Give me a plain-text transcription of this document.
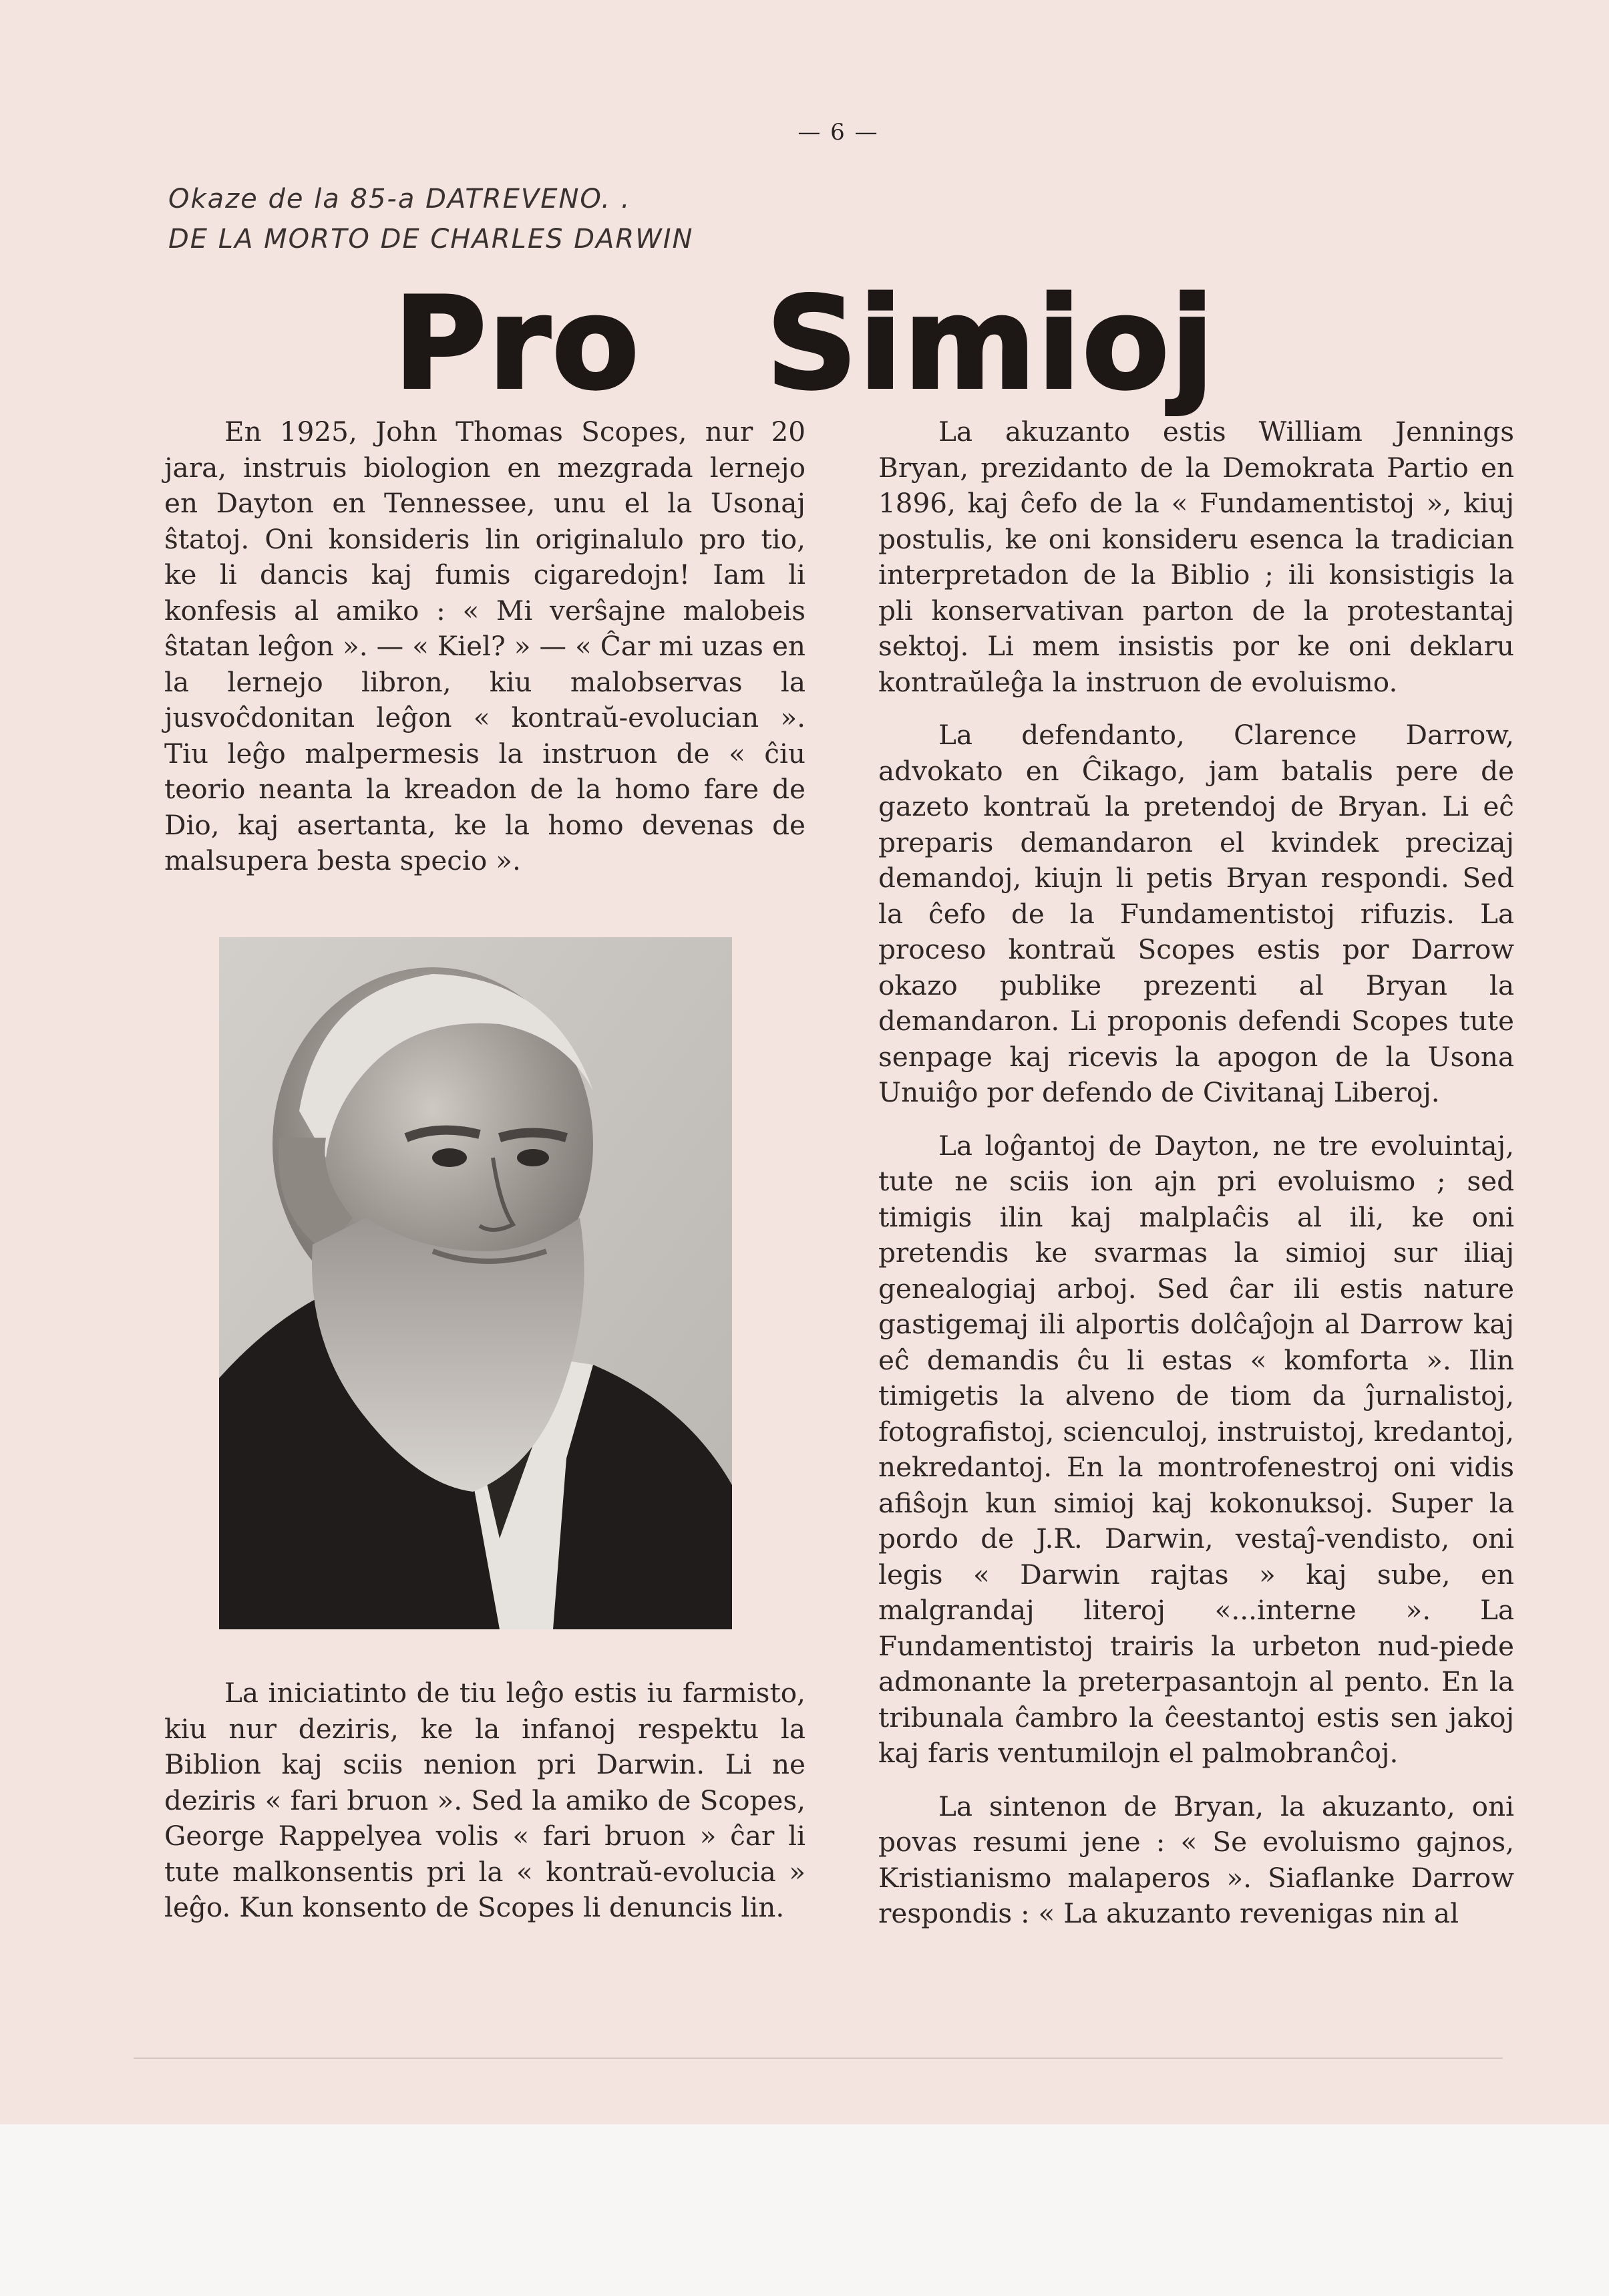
— 6 —
Okaze de la 85-a DATREVENO. .
DE LA MORTO DE CHARLES DARWIN
Pro Simioj

En 1925, John Thomas Scopes, nur 20 jara, instruis biologion en mezgrada lernejo en Dayton en Tennessee, unu el la Usonaj ŝtatoj. Oni konsideris lin originalulo pro tio, ke li dancis kaj fumis cigaredojn! Iam li konfesis al amiko : « Mi verŝajne malobeis ŝtatan leĝon ». — « Kiel? » — « Ĉar mi uzas en la lernejo libron, kiu malobservas la jusvoĉdonitan leĝon « kontraŭ-evolucian ». Tiu leĝo malpermesis la instruon de « ĉiu teorio neanta la kreadon de la homo fare de Dio, kaj asertanta, ke la homo devenas de malsupera besta specio ».

La iniciatinto de tiu leĝo estis iu farmisto, kiu nur deziris, ke la infanoj respektu la Biblion kaj sciis nenion pri Darwin. Li ne deziris « fari bruon ». Sed la amiko de Scopes, George Rappelyea volis « fari bruon » ĉar li tute malkonsentis pri la « kontraŭ-evolucia » leĝo. Kun konsento de Scopes li denuncis lin.

La akuzanto estis William Jennings Bryan, prezidanto de la Demokrata Partio en 1896, kaj ĉefo de la « Fundamentistoj », kiuj postulis, ke oni konsideru esenca la tradician interpretadon de la Biblio ; ili konsistigis la pli konservativan parton de la protestantaj sektoj. Li mem insistis por ke oni deklaru kontraŭleĝa la instruon de evoluismo.

La defendanto, Clarence Darrow, advokato en Ĉikago, jam batalis pere de gazeto kontraŭ la pretendoj de Bryan. Li eĉ preparis demandaron el kvindek precizaj demandoj, kiujn li petis Bryan respondi. Sed la ĉefo de la Fundamentistoj rifuzis. La proceso kontraŭ Scopes estis por Darrow okazo publike prezenti al Bryan la demandaron. Li proponis defendi Scopes tute senpage kaj ricevis la apogon de la Usona Unuiĝo por defendo de Civitanaj Liberoj.

La loĝantoj de Dayton, ne tre evoluintaj, tute ne sciis ion ajn pri evoluismo ; sed timigis ilin kaj malplaĉis al ili, ke oni pretendis ke svarmas la simioj sur iliaj genealogiaj arboj. Sed ĉar ili estis nature gastigemaj ili alportis dolĉaĵojn al Darrow kaj eĉ demandis ĉu li estas « komforta ». Ilin timigetis la alveno de tiom da ĵurnalistoj, fotografistoj, scienculoj, instruistoj, kredantoj, nekredantoj. En la montrofenestroj oni vidis afiŝojn kun simioj kaj kokonuksoj. Super la pordo de J.R. Darwin, vestaĵ-vendisto, oni legis « Darwin rajtas » kaj sube, en malgrandaj literoj «...interne ». La Fundamentistoj trairis la urbeton nud-piede admonante la preterpasantojn al pento. En la tribunala ĉambro la ĉeestantoj estis sen jakoj kaj faris ventumilojn el palmobranĉoj.

La sintenon de Bryan, la akuzanto, oni povas resumi jene : « Se evoluismo gajnos, Kristianismo malaperos ». Siaflanke Darrow respondis : « La akuzanto revenigas nin al
